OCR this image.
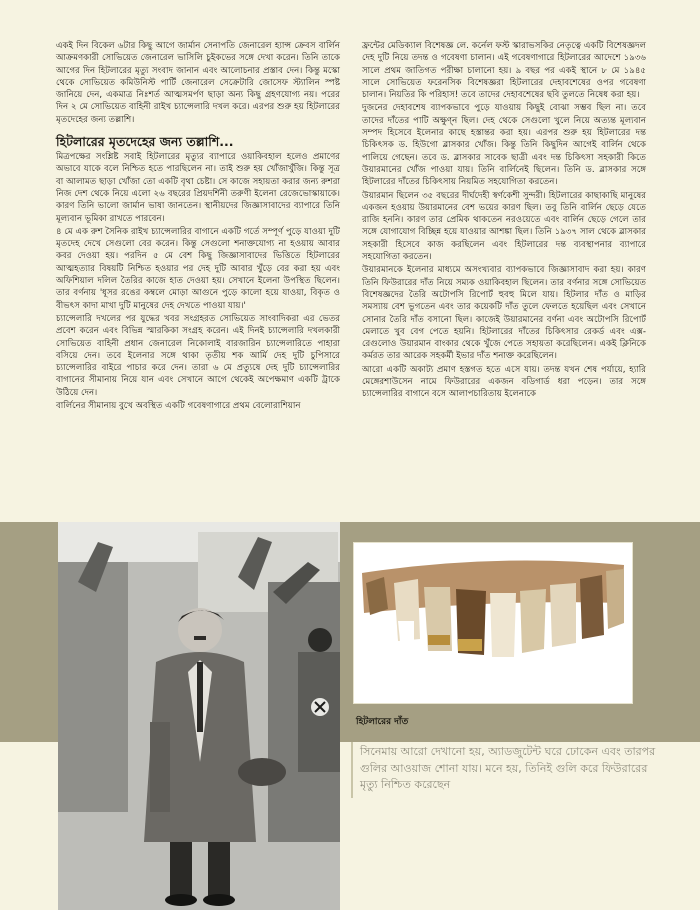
একই দিন বিকেল ৬টার কিছু আগে জার্মান সেনাপতি জেনারেল হ্যান্স ক্রেবস বার্লিন আক্রমণকারী সোভিয়েত জেনারেল ভাসিলি চুইকভের সঙ্গে দেখা করেন। তিনি তাকে আগের দিন হিটলারের মৃত্যু সংবাদ জানান এবং আলোচনার প্রস্তাব দেন। কিন্তু মস্কো থেকে সোভিয়েত কমিউনিস্ট পার্টি জেনারেল সেক্রেটারি জোসেফ স্ট্যালিন স্পষ্ট জানিয়ে দেন, একমাত্র নিঃশর্ত আত্মসমর্পণ ছাড়া অন্য কিছু গ্রহণযোগ্য নয়। পরের দিন ২ মে সোভিয়েত বাহিনী রাইখ চ্যান্সেলারি দখল করে। এরপর শুরু হয় হিটলারের মৃতদেহের জন্য তল্লাশি।

হিটলারের মৃতদেহের জন্য তল্লাশি...

মিত্রপক্ষের সংশ্লিষ্ট সবাই হিটলারের মৃত্যুর ব্যাপারে ওয়াকিবহাল হলেও প্রমাণের অভাবে যাকে বলে নিশ্চিত হতে পারছিলেন না। তাই শুরু হয় খোঁজাখুঁজি। কিন্তু সূত্র বা আলামত ছাড়া খোঁজা তো একটি বৃথা চেষ্টা। সে কাজে সহায়তা করার জন্য রুশরা নিজ দেশ থেকে নিয়ে এলো ২৬ বছরের প্রিয়দর্শিনী তরুণী ইলেনা রেজেভোস্কায়াকে। কারণ তিনি ভালো জার্মান ভাষা জানতেন। স্থানীয়দের জিজ্ঞাসাবাদের ব্যাপারে তিনি মূল্যবান ভূমিকা রাখতে পারবেন।

৪ মে এক রুশ সৈনিক রাইখ চ্যান্সেলারির বাগানে একটি গর্তে সম্পূর্ণ পুড়ে যাওয়া দুটি মৃতদেহ দেখে সেগুলো বের করেন। কিন্তু সেগুলো শনাক্তযোগ্য না হওয়ায় আবার কবর দেওয়া হয়। পরদিন ৫ মে বেশ কিছু জিজ্ঞাসাবাদের ভিত্তিতে হিটলারের আত্মহত্যার বিষয়টি নিশ্চিত হওয়ার পর দেহ দুটি আবার খুঁড়ে বের করা হয় এবং অফিশিয়াল দলিল তৈরির কাজে হাত দেওয়া হয়। সেখানে ইলেনা উপস্থিত ছিলেন। তার বর্ণনায় 'ধূসর রঙের কম্বলে মোড়া আগুনে পুড়ে কালো হয়ে যাওয়া, বিকৃত ও বীভৎস কাদা মাখা দুটি মানুষের দেহ দেখতে পাওয়া যায়।'

চ্যান্সেলারি দখলের পর যুদ্ধের খবর সংগ্রহরত সোভিয়েত সাংবাদিকরা এর ভেতর প্রবেশ করেন এবং বিভিন্ন স্মারকিকা সংগ্রহ করেন। এই দিনই চ্যান্সেলারি দখলকারী সোভিয়েত বাহিনী প্রধান জেনারেল নিকোলাই বারজারিন চ্যান্সেলারিতে পাহারা বসিয়ে দেন। তবে ইলেনার সঙ্গে থাকা তৃতীয় শক আর্মি দেহ দুটি চুপিসারে চ্যান্সেলারির বাইরে পাচার করে দেন। তারা ৬ মে প্রত্যুষে দেহ দুটি চ্যান্সেলারির বাগানের সীমানায় নিয়ে যান এবং সেখানে আগে থেকেই অপেক্ষমাণ একটি ট্রাকে উঠিয়ে দেন।

বার্লিনের সীমানায় বুখে অবস্থিত একটি গবেষণাগারে প্রথম বেলোরাশিয়ান

ফ্রন্টের মেডিক্যাল বিশেষজ্ঞ লে. কর্নেল ফস্ট স্কারাভসকির নেতৃত্বে একটি বিশেষজ্ঞদল দেহ দুটি নিয়ে তদন্ত ও গবেষণা চালান। এই গবেষণাগারে হিটলারের আদেশে ১৯৩৬ সালে প্রথম জাতিগত পরীক্ষা চালানো হয়। ৯ বছর পর একই স্থানে ৮ মে ১৯৪৫ সালে সোভিয়েত ফরেনসিক বিশেষজ্ঞরা হিটলারের দেহাবশেষের ওপর গবেষণা চালান। নিয়তির কি পরিহাস! তবে তাদের দেহাবশেষের ছবি তুলতে নিষেধ করা হয়।

দুজনের দেহাবশেষ ব্যাপকভাবে পুড়ে যাওয়ায় কিছুই বোঝা সম্ভব ছিল না। তবে তাদের দাঁতের পাটি অক্ষুণ্ন ছিল। দেহ থেকে সেগুলো খুলে নিয়ে অত্যন্ত মূল্যবান সম্পদ হিসেবে ইলেনার কাছে হস্তান্তর করা হয়। এরপর শুরু হয় হিটলারের দন্ত চিকিৎসক ড. হিউগো ব্লাসকার খোঁজ। কিন্তু তিনি কিছুদিন আগেই বার্লিন থেকে পালিয়ে গেছেন। তবে ড. ব্লাসকার সাবেক ছাত্রী এবং দন্ত চিকিৎসা সহকারী কিতে উয়ারমানের খোঁজ পাওয়া যায়। তিনি বার্লিনেই ছিলেন। তিনি ড. ব্লাসকার সঙ্গে হিটলারের দাঁতের চিকিৎসায় নিয়মিত সহযোগিতা করতেন।

উয়ারমান ছিলেন ৩৫ বছরের দীর্ঘদেহী স্বর্ণকেশী সুন্দরী। হিটলারের কাছাকাছি মানুষের একজন হওয়ায় উয়ারমানের বেশ ভয়ের কারণ ছিল। তবু তিনি বার্লিন ছেড়ে যেতে রাজি হননি। কারণ তার প্রেমিক থাকতেন নরওয়েতে এবং বার্লিন ছেড়ে গেলে তার সঙ্গে যোগাযোগ বিচ্ছিন্ন হয়ে যাওয়ার আশঙ্কা ছিল। তিনি ১৯৩৭ সাল থেকে ব্লাসকার সহকারী হিসেবে কাজ করছিলেন এবং হিটলারের দন্ত ব্যবস্থাপনার ব্যাপারে সহযোগিতা করতেন।

উয়ারমানকে ইলেনার মাধ্যমে অসংখ্যবার ব্যাপকভাবে জিজ্ঞাসাবাদ করা হয়। কারণ তিনি ফিউরারের দাঁত নিয়ে সম্যক ওয়াকিবহাল ছিলেন। তার বর্ণনার সঙ্গে সোভিয়েত বিশেষজ্ঞদের তৈরি অটোপসি রিপোর্ট হুবহু মিলে যায়। হিটলার দাঁত ও মাড়ির সমস্যায় বেশ ভুগতেন এবং তার কয়েকটি দাঁত তুলে ফেলতে হয়েছিল এবং সেখানে সোনার তৈরি দাঁত বসানো ছিল। কাজেই উয়ারমানের বর্ণনা এবং অটোপসি রিপোর্ট মেলাতে খুব বেগ পেতে হয়নি। হিটলারের দাঁতের চিকিৎসার রেকর্ড এবং এক্স-রেগুলোও উয়ারমান বাংকার থেকে খুঁজে পেতে সহায়তা করেছিলেন। একই ক্লিনিকে কর্মরত তার আরেক সহকর্মী ইভার দাঁত শনাক্ত করেছিলেন।

আরো একটি অকাট্য প্রমাণ হস্তগত হতে এসে যায়। তদন্ত যখন শেষ পর্যায়ে, হ্যারি মেঙ্গেরশাউসেন নামে ফিউরারের একজন বডিগার্ড ধরা পড়েন। তার সঙ্গে চ্যান্সেলারির বাগানে বসে আলাপচারিতায় ইলেনাকে

হিটলারের দাঁত
সিনেমায় আরো দেখানো হয়, অ্যাডজুটেন্ট ঘরে ঢোকেন এবং তারপর গুলির আওয়াজ শোনা যায়। মনে হয়, তিনিই গুলি করে ফিউরারের মৃত্যু নিশ্চিত করেছেন
